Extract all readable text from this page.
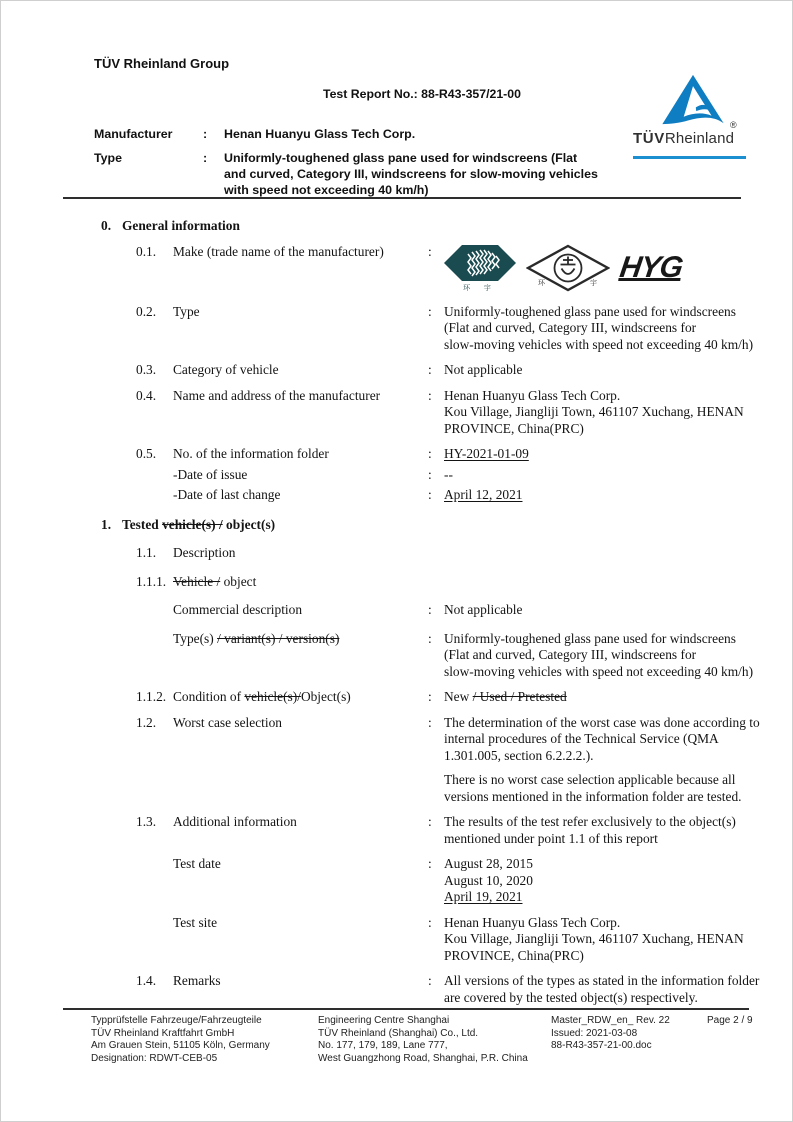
TÜV Rheinland Group
Test Report No.: 88-R43-357/21-00
Manufacturer	:	Henan Huanyu Glass Tech Corp.
Type	:	Uniformly-toughened glass pane used for windscreens (Flat
and curved, Category III, windscreens for slow-moving vehicles
with speed not exceeding 40 km/h)
TÜVRheinland
®
0. General information
0.1.	Make (trade name of the manufacturer)	:
环 宇
环	宇 HYG
0.2.	Type	: Uniformly-toughened glass pane used for windscreens
(Flat and curved, Category III, windscreens for
slow-moving vehicles with speed not exceeding 40 km/h)
0.3.	Category of vehicle	: Not applicable
0.4.	Name and address of the manufacturer	: Henan Huanyu Glass Tech Corp.
Kou Village, Jiangliji Town, 461107 Xuchang, HENAN
PROVINCE, China(PRC)
0.5.	No. of the information folder	: HY-2021-01-09
-Date of issue	: --
-Date of last change	: April 12, 2021
1. Tested vehicle(s) / object(s)
1.1.	Description
1.1.1. Vehicle / object
Commercial description	: Not applicable
Type(s) / variant(s) / version(s)	: Uniformly-toughened glass pane used for windscreens
(Flat and curved, Category III, windscreens for
slow-moving vehicles with speed not exceeding 40 km/h)
1.1.2. Condition of vehicle(s)/Object(s)	: New / Used / Pretested
1.2.	Worst case selection	: The determination of the worst case was done according to
internal procedures of the Technical Service (QMA
1.301.005, section 6.2.2.2.).
There is no worst case selection applicable because all
versions mentioned in the information folder are tested.
1.3.	Additional information	: The results of the test refer exclusively to the object(s)
mentioned under point 1.1 of this report
Test date	: August 28, 2015
August 10, 2020
April 19, 2021
Test site	: Henan Huanyu Glass Tech Corp.
Kou Village, Jiangliji Town, 461107 Xuchang, HENAN
PROVINCE, China(PRC)
1.4.	Remarks	: All versions of the types as stated in the information folder
are covered by the tested object(s) respectively.
Typprüfstelle Fahrzeuge/Fahrzeugteile
TÜV Rheinland Kraftfahrt GmbH
Am Grauen Stein, 51105 Köln, Germany
Designation: RDWT-CEB-05
Engineering Centre Shanghai
TÜV Rheinland (Shanghai) Co., Ltd.
No. 177, 179, 189, Lane 777,
West Guangzhong Road, Shanghai, P.R. China
Master_RDW_en_ Rev. 22
Issued: 2021-03-08
88-R43-357-21-00.doc
Page 2 / 9
